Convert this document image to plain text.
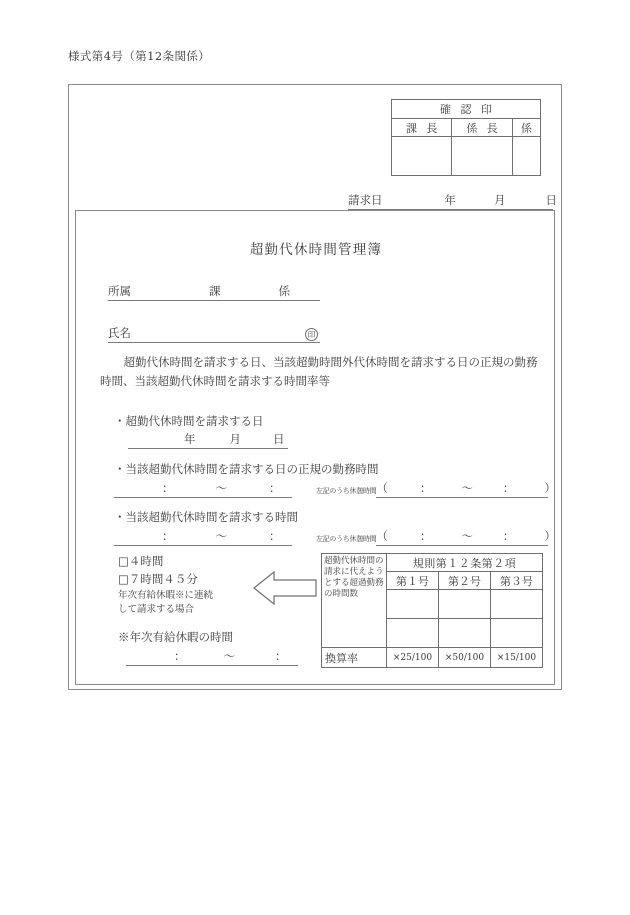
様式第4号（第12条関係）
確 認 印		
課 長	係 長	係

請求日	年	月	日
超勤代休時間管理簿
所属	課	係
氏名	印
　超勤代休時間を請求する日、当該超勤時間外代休時間を請求する日の正規の勤務時間、当該超勤代休時間を請求する時間率等
・超勤代休時間を請求する日
年	月	日
・当該超勤代休時間を請求する日の正規の勤務時間
：	～	：	左記のうち休憩時間 （	：	～	：	）
・当該超勤代休時間を請求する時間
：	～	：	左記のうち休憩時間 （	：	～	：	）
□４時間
□７時間４５分
年次有給休暇※に連続
して請求する場合
※年次有給休暇の時間
：	～	：
超勤代休時間の請求に代えようとする超過勤務の時間数	規則第１２条第２項		
	第１号	第２号	第３号

換算率	×25/100	×50/100	×15/100
